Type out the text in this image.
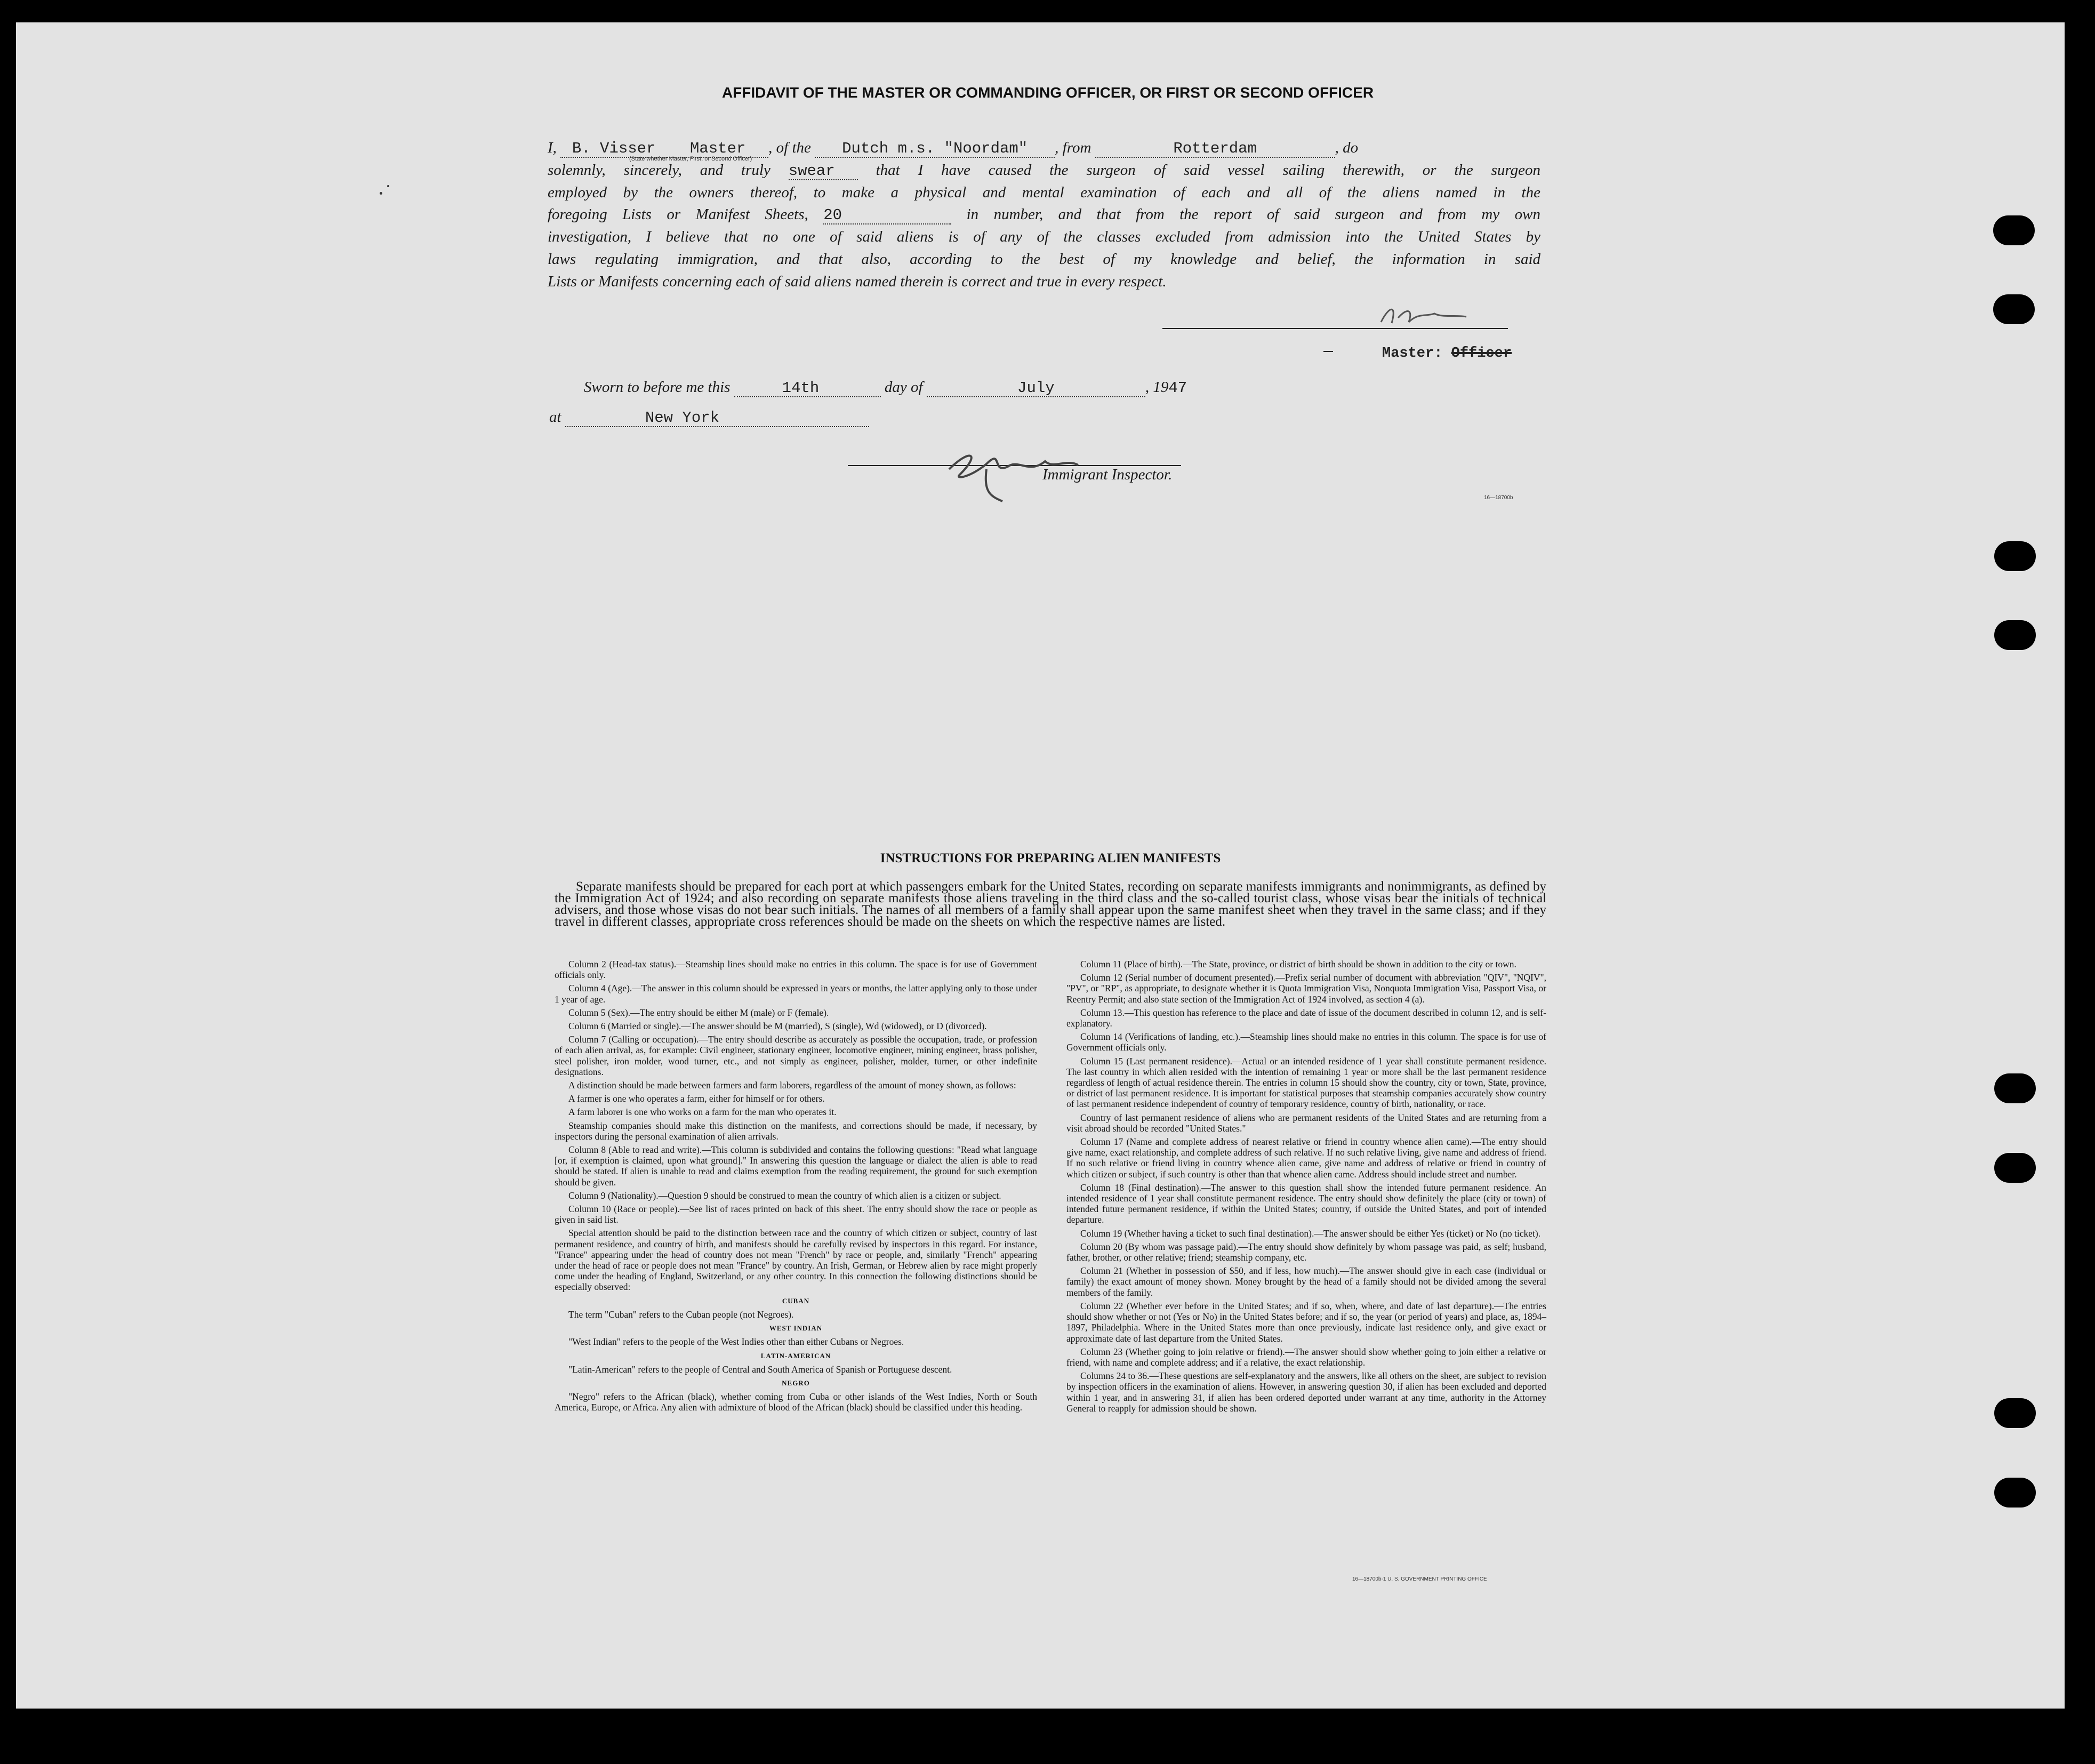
AFFIDAVIT OF THE MASTER OR COMMANDING OFFICER, OR FIRST OR SECOND OFFICER
I, B. Visser Master , of the Dutch m.s. "Noordam" , from	Rotterdam	, do
solemnly, sincerely, and truly swear	that I have caused the surgeon of said vessel sailing therewith, or the surgeon
employed by the owners thereof, to make a physical and mental examination of each and all of the aliens named in the
foregoing Lists or Manifest Sheets, 20	in number, and that from the report of said surgeon and from my own
investigation, I believe that no one of said aliens is of any of the classes excluded from admission into the United States by
laws regulating immigration, and that also, according to the best of my knowledge and belief, the information in said
Lists or Manifests concerning each of said aliens named therein is correct and true in every respect.
(State whether Master, First, or Second Officer)
Master: Officer
Sworn to before me this	14th	day of	July	, 1947
at	New York
Immigrant Inspector.
16—18700b
INSTRUCTIONS FOR PREPARING ALIEN MANIFESTS

Separate manifests should be prepared for each port at which passengers embark for the United States, recording on separate manifests immigrants and nonimmigrants, as defined by the Immigration Act of 1924; and also recording on separate manifests those aliens traveling in the third class and the so-called tourist class, whose visas bear the initials of technical advisers, and those whose visas do not bear such initials. The names of all members of a family shall appear upon the same manifest sheet when they travel in the same class; and if they travel in different classes, appropriate cross references should be made on the sheets on which the respective names are listed.

Column 2 (Head-tax status).—Steamship lines should make no entries in this column. The space is for use of Government officials only.

Column 4 (Age).—The answer in this column should be expressed in years or months, the latter applying only to those under 1 year of age.

Column 5 (Sex).—The entry should be either M (male) or F (female).

Column 6 (Married or single).—The answer should be M (married), S (single), Wd (widowed), or D (divorced).

Column 7 (Calling or occupation).—The entry should describe as accurately as possible the occupation, trade, or profession of each alien arrival, as, for example: Civil engineer, stationary engineer, locomotive engineer, mining engineer, brass polisher, steel polisher, iron molder, wood turner, etc., and not simply as engineer, polisher, molder, turner, or other indefinite designations.

A distinction should be made between farmers and farm laborers, regardless of the amount of money shown, as follows:

A farmer is one who operates a farm, either for himself or for others.

A farm laborer is one who works on a farm for the man who operates it.

Steamship companies should make this distinction on the manifests, and corrections should be made, if necessary, by inspectors during the personal examination of alien arrivals.

Column 8 (Able to read and write).—This column is subdivided and contains the following questions: "Read what language [or, if exemption is claimed, upon what ground]." In answering this question the language or dialect the alien is able to read should be stated. If alien is unable to read and claims exemption from the reading requirement, the ground for such exemption should be given.

Column 9 (Nationality).—Question 9 should be construed to mean the country of which alien is a citizen or subject.

Column 10 (Race or people).—See list of races printed on back of this sheet. The entry should show the race or people as given in said list.

Special attention should be paid to the distinction between race and the country of which citizen or subject, country of last permanent residence, and country of birth, and manifests should be carefully revised by inspectors in this regard. For instance, "France" appearing under the head of country does not mean "French" by race or people, and, similarly "French" appearing under the head of race or people does not mean "France" by country. An Irish, German, or Hebrew alien by race might properly come under the heading of England, Switzerland, or any other country. In this connection the following distinctions should be especially observed:

CUBAN

The term "Cuban" refers to the Cuban people (not Negroes).

WEST INDIAN

"West Indian" refers to the people of the West Indies other than either Cubans or Negroes.

LATIN-AMERICAN

"Latin-American" refers to the people of Central and South America of Spanish or Portuguese descent.

NEGRO

"Negro" refers to the African (black), whether coming from Cuba or other islands of the West Indies, North or South America, Europe, or Africa. Any alien with admixture of blood of the African (black) should be classified under this heading.

Column 11 (Place of birth).—The State, province, or district of birth should be shown in addition to the city or town.

Column 12 (Serial number of document presented).—Prefix serial number of document with abbreviation "QIV", "NQIV", "PV", or "RP", as appropriate, to designate whether it is Quota Immigration Visa, Nonquota Immigration Visa, Passport Visa, or Reentry Permit; and also state section of the Immigration Act of 1924 involved, as section 4 (a).

Column 13.—This question has reference to the place and date of issue of the document described in column 12, and is self-explanatory.

Column 14 (Verifications of landing, etc.).—Steamship lines should make no entries in this column. The space is for use of Government officials only.

Column 15 (Last permanent residence).—Actual or an intended residence of 1 year shall constitute permanent residence. The last country in which alien resided with the intention of remaining 1 year or more shall be the last permanent residence regardless of length of actual residence therein. The entries in column 15 should show the country, city or town, State, province, or district of last permanent residence. It is important for statistical purposes that steamship companies accurately show country of last permanent residence independent of country of temporary residence, country of birth, nationality, or race.

Country of last permanent residence of aliens who are permanent residents of the United States and are returning from a visit abroad should be recorded "United States."

Column 17 (Name and complete address of nearest relative or friend in country whence alien came).—The entry should give name, exact relationship, and complete address of such relative. If no such relative living, give name and address of friend. If no such relative or friend living in country whence alien came, give name and address of relative or friend in country of which citizen or subject, if such country is other than that whence alien came. Address should include street and number.

Column 18 (Final destination).—The answer to this question shall show the intended future permanent residence. An intended residence of 1 year shall constitute permanent residence. The entry should show definitely the place (city or town) of intended future permanent residence, if within the United States; country, if outside the United States, and port of intended departure.

Column 19 (Whether having a ticket to such final destination).—The answer should be either Yes (ticket) or No (no ticket).

Column 20 (By whom was passage paid).—The entry should show definitely by whom passage was paid, as self; husband, father, brother, or other relative; friend; steamship company, etc.

Column 21 (Whether in possession of $50, and if less, how much).—The answer should give in each case (individual or family) the exact amount of money shown. Money brought by the head of a family should not be divided among the several members of the family.

Column 22 (Whether ever before in the United States; and if so, when, where, and date of last departure).—The entries should show whether or not (Yes or No) in the United States before; and if so, the year (or period of years) and place, as, 1894–1897, Philadelphia. Where in the United States more than once previously, indicate last residence only, and give exact or approximate date of last departure from the United States.

Column 23 (Whether going to join relative or friend).—The answer should show whether going to join either a relative or friend, with name and complete address; and if a relative, the exact relationship.

Columns 24 to 36.—These questions are self-explanatory and the answers, like all others on the sheet, are subject to revision by inspection officers in the examination of aliens. However, in answering question 30, if alien has been excluded and deported within 1 year, and in answering 31, if alien has been ordered deported under warrant at any time, authority in the Attorney General to reapply for admission should be shown.

16—18700b-1 U. S. GOVERNMENT PRINTING OFFICE
